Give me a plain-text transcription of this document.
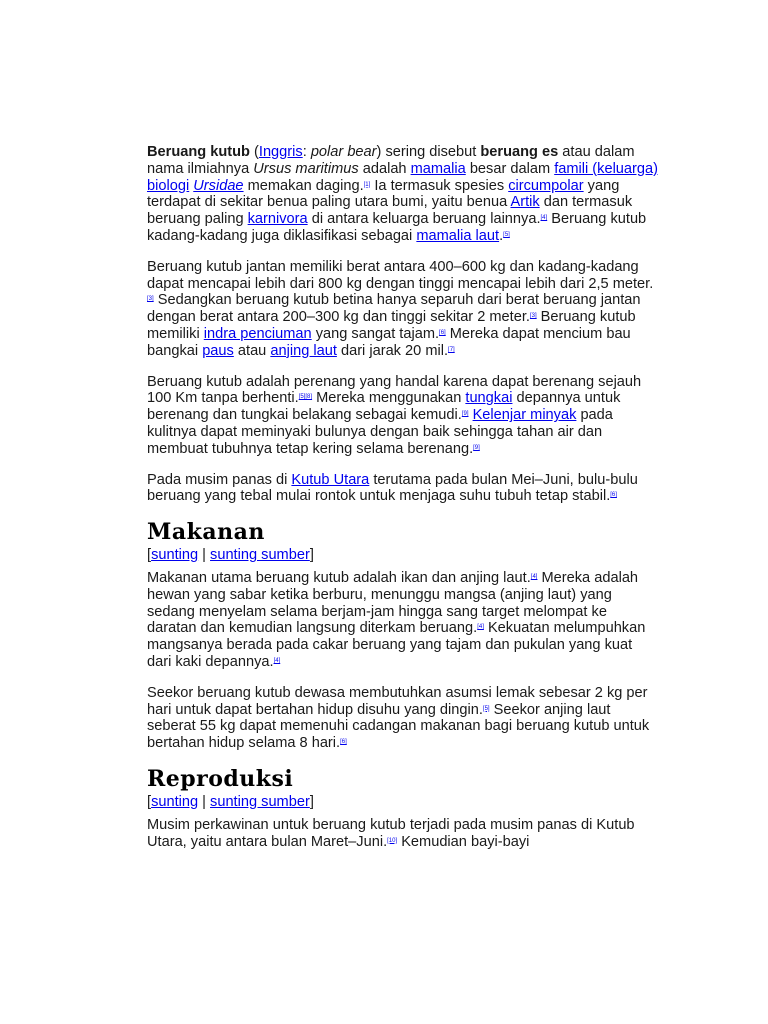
Beruang kutub (Inggris: polar bear) sering disebut beruang es atau dalam nama ilmiahnya Ursus maritimus adalah mamalia besar dalam famili (keluarga) biologi Ursidae memakan daging.[1] Ia termasuk spesies circumpolar yang terdapat di sekitar benua paling utara bumi, yaitu benua Artik dan termasuk beruang paling karnivora di antara keluarga beruang lainnya.[4] Beruang kutub kadang-kadang juga diklasifikasi sebagai mamalia laut.[5]

Beruang kutub jantan memiliki berat antara 400–600 kg dan kadang-kadang dapat mencapai lebih dari 800 kg dengan tinggi mencapai lebih dari 2,5 meter.[3] Sedangkan beruang kutub betina hanya separuh dari berat beruang jantan dengan berat antara 200–300 kg dan tinggi sekitar 2 meter.[3] Beruang kutub memiliki indra penciuman yang sangat tajam.[6] Mereka dapat mencium bau bangkai paus atau anjing laut dari jarak 20 mil.[7]

Beruang kutub adalah perenang yang handal karena dapat berenang sejauh 100 Km tanpa berhenti.[5][8] Mereka menggunakan tungkai depannya untuk berenang dan tungkai belakang sebagai kemudi.[9] Kelenjar minyak pada kulitnya dapat meminyaki bulunya dengan baik sehingga tahan air dan membuat tubuhnya tetap kering selama berenang.[9]

Pada musim panas di Kutub Utara terutama pada bulan Mei–Juni, bulu-bulu beruang yang tebal mulai rontok untuk menjaga suhu tubuh tetap stabil.[6]

Makanan
[sunting | sunting sumber]

Makanan utama beruang kutub adalah ikan dan anjing laut.[4] Mereka adalah hewan yang sabar ketika berburu, menunggu mangsa (anjing laut) yang sedang menyelam selama berjam-jam hingga sang target melompat ke daratan dan kemudian langsung diterkam beruang.[4] Kekuatan melumpuhkan mangsanya berada pada cakar beruang yang tajam dan pukulan yang kuat dari kaki depannya.[4]

Seekor beruang kutub dewasa membutuhkan asumsi lemak sebesar 2 kg per hari untuk dapat bertahan hidup disuhu yang dingin.[5] Seekor anjing laut seberat 55 kg dapat memenuhi cadangan makanan bagi beruang kutub untuk bertahan hidup selama 8 hari.[6]

Reproduksi
[sunting | sunting sumber]

Musim perkawinan untuk beruang kutub terjadi pada musim panas di Kutub Utara, yaitu antara bulan Maret–Juni.[10] Kemudian bayi-bayi
